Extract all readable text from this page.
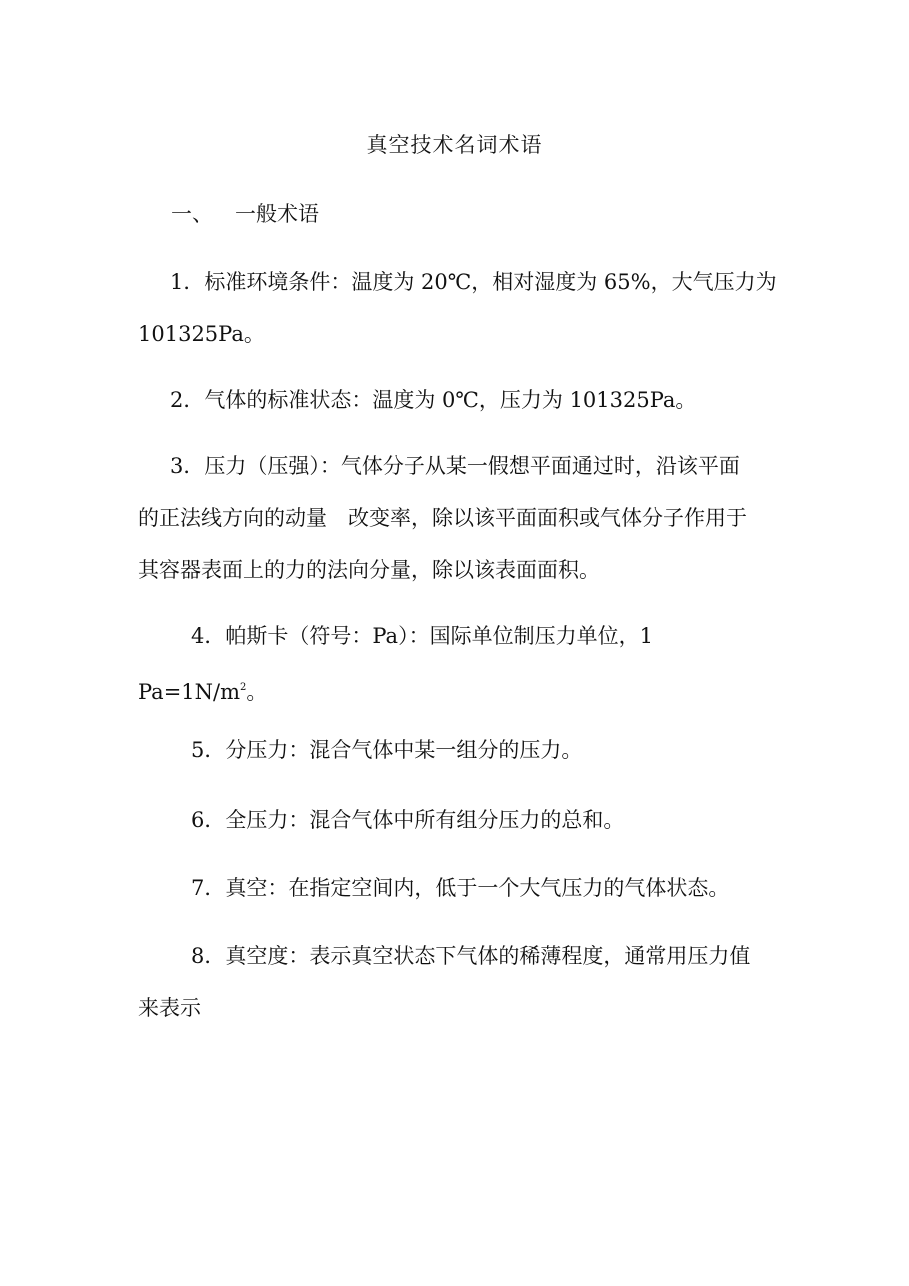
真空技术名词术语
一、 一般术语
1．标准环境条件：温度为 20℃，相对湿度为 65%，大气压力为
101325Pa。
2．气体的标准状态：温度为 0℃，压力为 101325Pa。
3．压力（压强）：气体分子从某一假想平面通过时，沿该平面
的正法线方向的动量　改变率，除以该平面面积或气体分子作用于
其容器表面上的力的法向分量，除以该表面面积。
4．帕斯卡（符号：Pa）：国际单位制压力单位，1
$Pa=1N/m^2$。
5．分压力：混合气体中某一组分的压力。
6．全压力：混合气体中所有组分压力的总和。
7．真空：在指定空间内，低于一个大气压力的气体状态。
8．真空度：表示真空状态下气体的稀薄程度，通常用压力值
来表示
